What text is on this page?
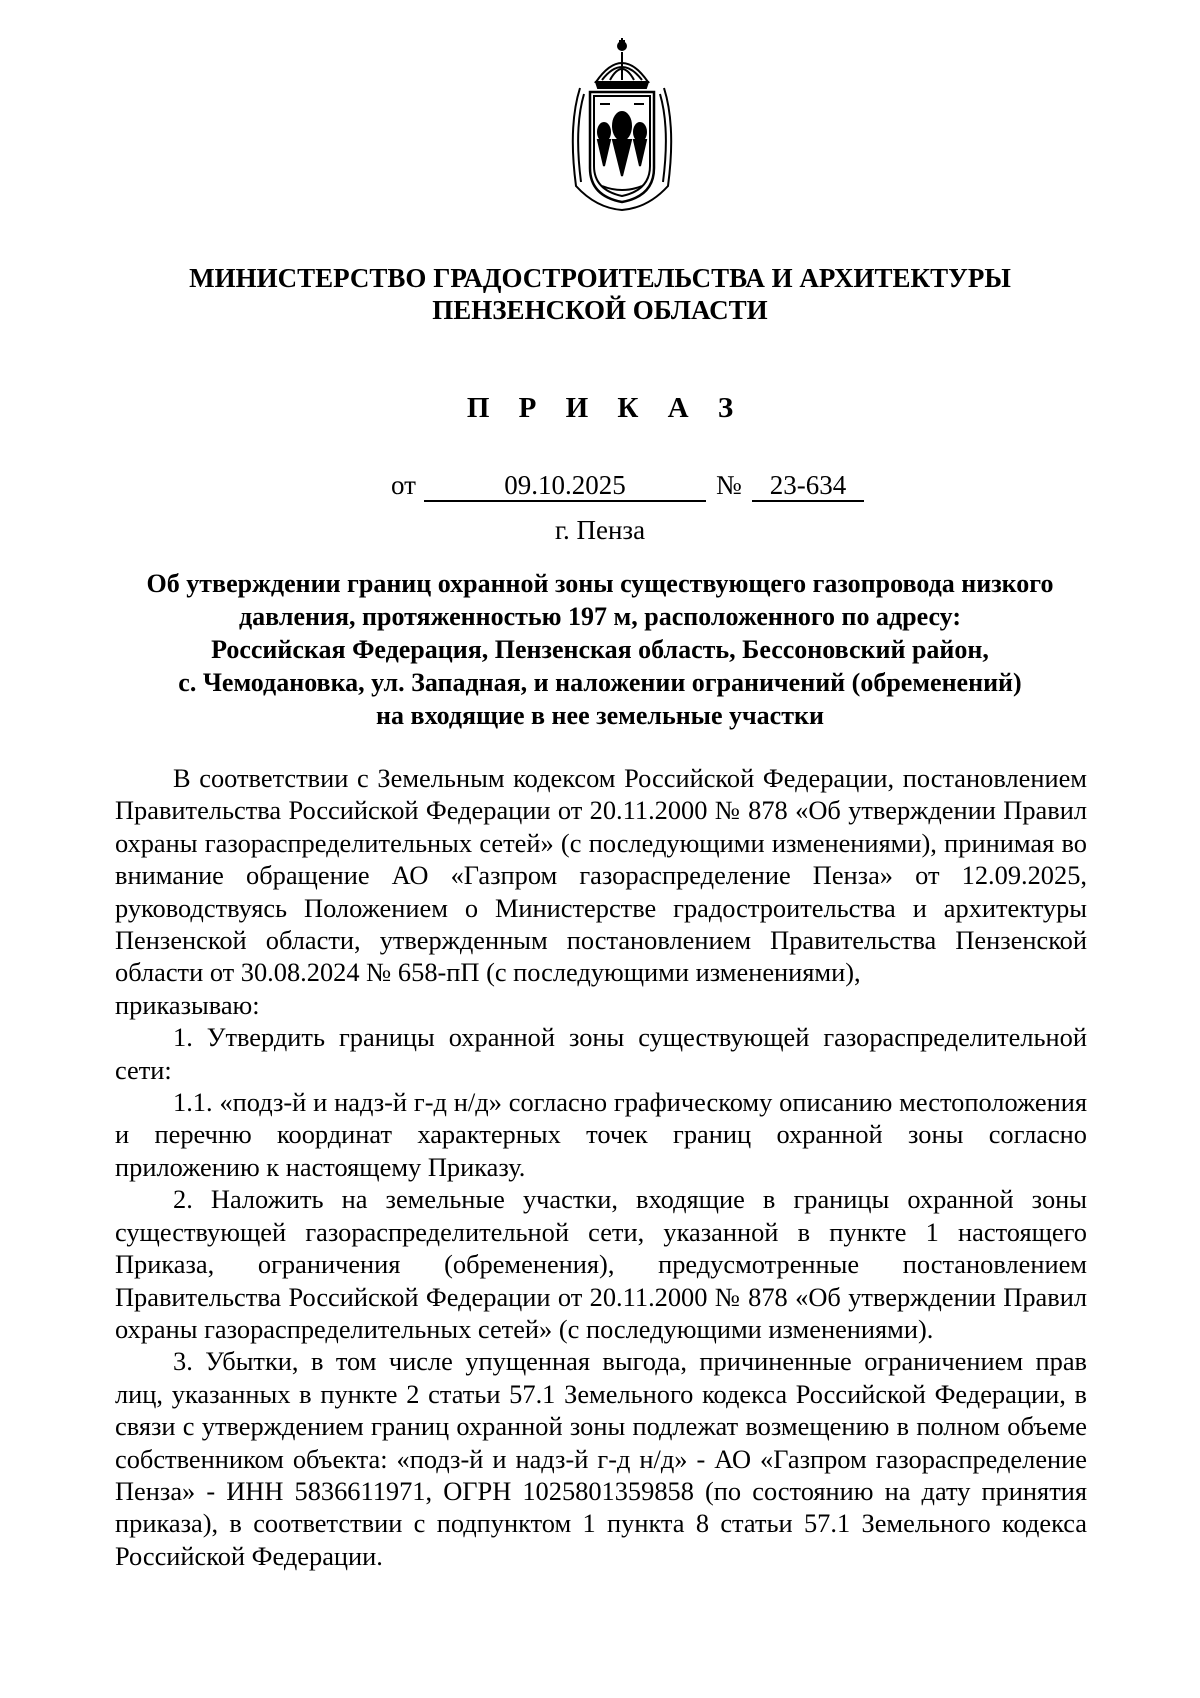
МИНИСТЕРСТВО ГРАДОСТРОИТЕЛЬСТВА И АРХИТЕКТУРЫ
ПЕНЗЕНСКОЙ ОБЛАСТИ
П Р И К А З
от	09.10.2025	№	23-634
г. Пенза
Об утверждении границ охранной зоны существующего газопровода низкого
давления, протяженностью 197 м, расположенного по адресу:
Российская Федерация, Пензенская область, Бессоновский район,
с. Чемодановка, ул. Западная, и наложении ограничений (обременений)
на входящие в нее земельные участки

В соответствии с Земельным кодексом Российской Федерации, постановлением Правительства Российской Федерации от 20.11.2000 № 878 «Об утверждении Правил охраны газораспределительных сетей» (с последующими изменениями), принимая во внимание обращение АО «Газпром газораспределение Пенза» от 12.09.2025, руководствуясь Положением о Министерстве градостроительства и архитектуры Пензенской области, утвержденным постановлением Правительства Пензенской области от 30.08.2024 № 658-пП (с последующими изменениями),

приказываю:

1. Утвердить границы охранной зоны существующей газораспределительной сети:

1.1. «подз-й и надз-й г-д н/д» согласно графическому описанию местоположения и перечню координат характерных точек границ охранной зоны согласно приложению к настоящему Приказу.

2. Наложить на земельные участки, входящие в границы охранной зоны существующей газораспределительной сети, указанной в пункте 1 настоящего Приказа, ограничения (обременения), предусмотренные постановлением Правительства Российской Федерации от 20.11.2000 № 878 «Об утверждении Правил охраны газораспределительных сетей» (с последующими изменениями).

3. Убытки, в том числе упущенная выгода, причиненные ограничением прав лиц, указанных в пункте 2 статьи 57.1 Земельного кодекса Российской Федерации, в связи с утверждением границ охранной зоны подлежат возмещению в полном объеме собственником объекта: «подз-й и надз-й г-д н/д» - АО «Газпром газораспределение Пенза» - ИНН 5836611971, ОГРН 1025801359858 (по состоянию на дату принятия приказа), в соответствии с подпунктом 1 пункта 8 статьи 57.1 Земельного кодекса Российской Федерации.
